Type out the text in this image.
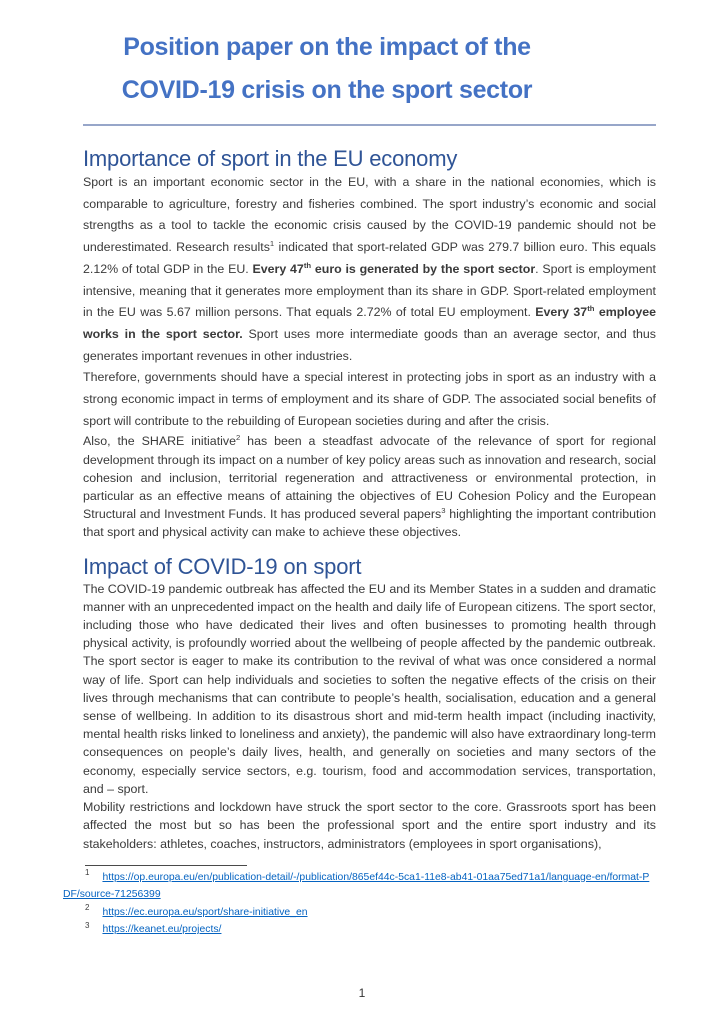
Position paper on the impact of the
COVID-19 crisis on the sport sector
Importance of sport in the EU economy

Sport is an important economic sector in the EU, with a share in the national economies, which is comparable to agriculture, forestry and fisheries combined. The sport industry’s economic and social strengths as a tool to tackle the economic crisis caused by the COVID-19 pandemic should not be underestimated. Research results$^1$ indicated that sport-related GDP was 279.7 billion euro. This equals 2.12% of total GDP in the EU. Every 47th euro is generated by the sport sector. Sport is employment intensive, meaning that it generates more employment than its share in GDP. Sport-related employment in the EU was 5.67 million persons. That equals 2.72% of total EU employment. Every 37th employee works in the sport sector. Sport uses more intermediate goods than an average sector, and thus generates important revenues in other industries.

Therefore, governments should have a special interest in protecting jobs in sport as an industry with a strong economic impact in terms of employment and its share of GDP. The associated social benefits of sport will contribute to the rebuilding of European societies during and after the crisis.

Also, the SHARE initiative$^2$ has been a steadfast advocate of the relevance of sport for regional development through its impact on a number of key policy areas such as innovation and research, social cohesion and inclusion, territorial regeneration and attractiveness or environmental protection, in particular as an effective means of attaining the objectives of EU Cohesion Policy and the European Structural and Investment Funds. It has produced several papers$^3$ highlighting the important contribution that sport and physical activity can make to achieve these objectives.

Impact of COVID-19 on sport

The COVID-19 pandemic outbreak has affected the EU and its Member States in a sudden and dramatic manner with an unprecedented impact on the health and daily life of European citizens. The sport sector, including those who have dedicated their lives and often businesses to promoting health through physical activity, is profoundly worried about the wellbeing of people affected by the pandemic outbreak. The sport sector is eager to make its contribution to the revival of what was once considered a normal way of life. Sport can help individuals and societies to soften the negative effects of the crisis on their lives through mechanisms that can contribute to people’s health, socialisation, education and a general sense of wellbeing. In addition to its disastrous short and mid-term health impact (including inactivity, mental health risks linked to loneliness and anxiety), the pandemic will also have extraordinary long-term consequences on people’s daily lives, health, and generally on societies and many sectors of the economy, especially service sectors, e.g. tourism, food and accommodation services, transportation, and – sport.

Mobility restrictions and lockdown have struck the sport sector to the core. Grassroots sport has been affected the most but so has been the professional sport and the entire sport industry and its stakeholders: athletes, coaches, instructors, administrators (employees in sport organisations),

$^1$ https://op.europa.eu/en/publication-detail/-/publication/865ef44c-5ca1-11e8-ab41-01aa75ed71a1/language-en/format-PDF/source-71256399
$^2$ https://ec.europa.eu/sport/share-initiative_en
$^3$ https://keanet.eu/projects/
1
